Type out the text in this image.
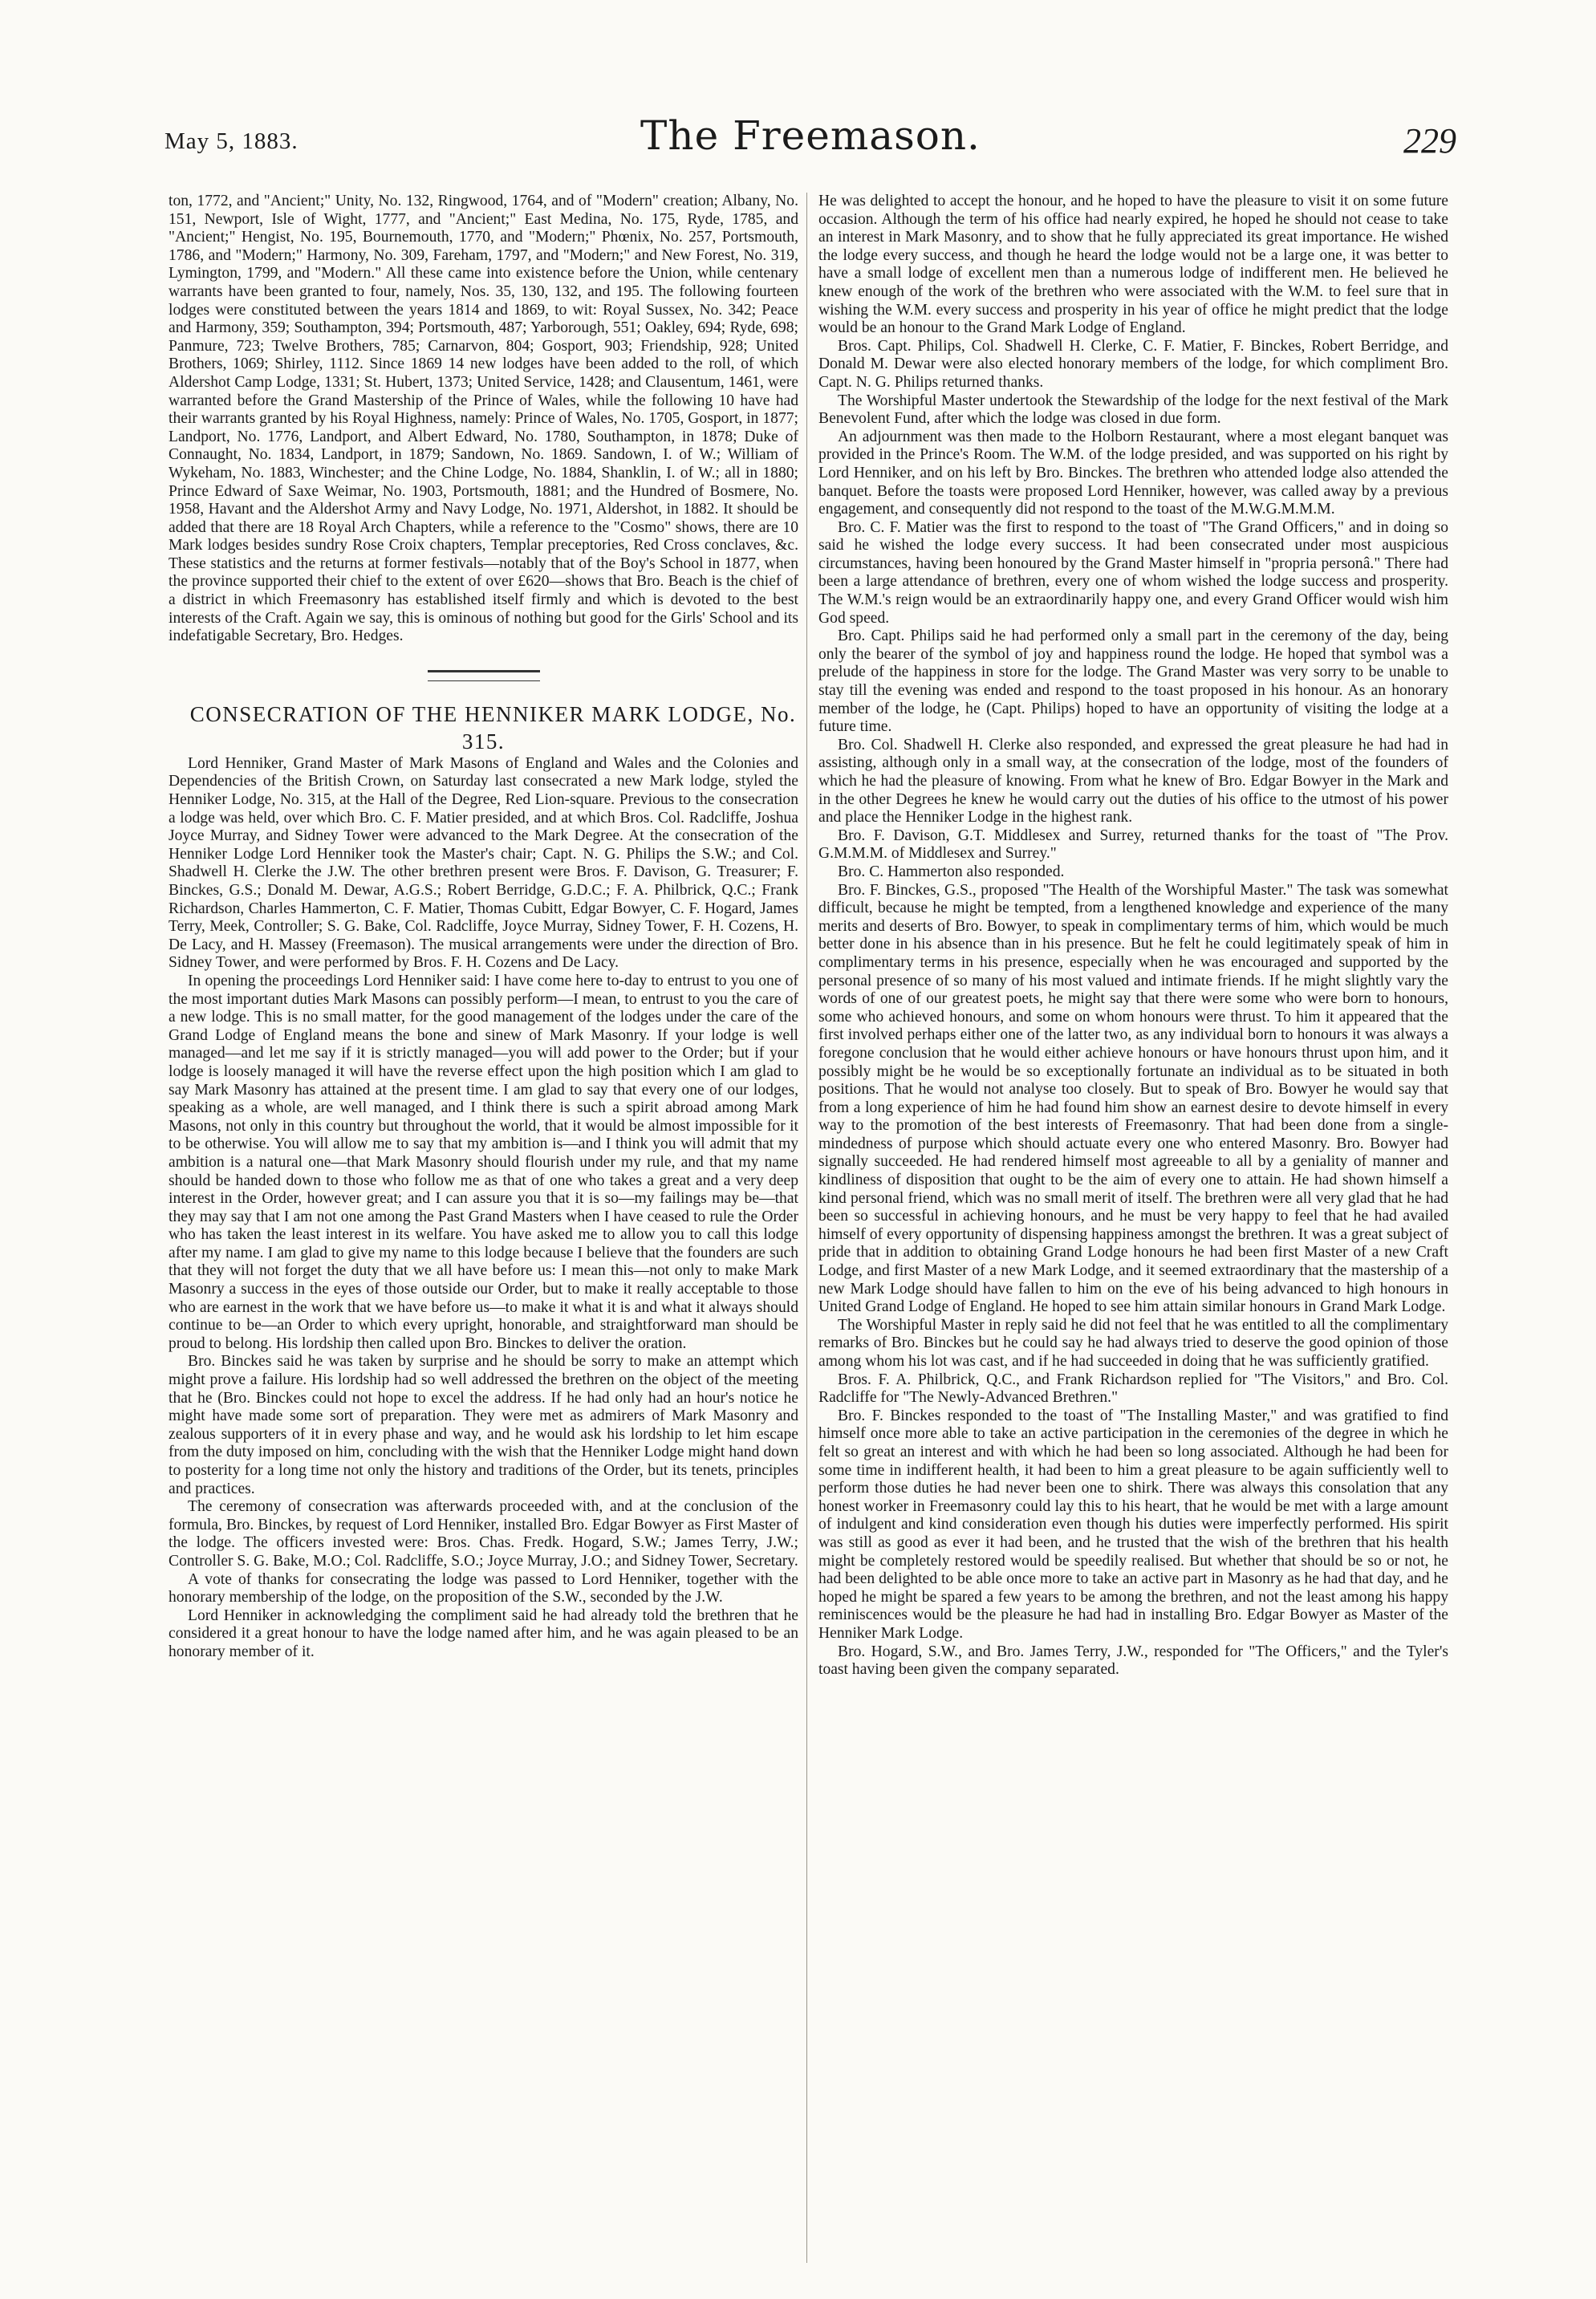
May 5, 1883.	The Freemason.	229

ton, 1772, and "Ancient;" Unity, No. 132, Ringwood, 1764, and of "Modern" creation; Albany, No. 151, Newport, Isle of Wight, 1777, and "Ancient;" East Medina, No. 175, Ryde, 1785, and "Ancient;" Hengist, No. 195, Bournemouth, 1770, and "Modern;" Phœnix, No. 257, Portsmouth, 1786, and "Modern;" Harmony, No. 309, Fareham, 1797, and "Modern;" and New Forest, No. 319, Lymington, 1799, and "Modern." All these came into existence before the Union, while centenary warrants have been granted to four, namely, Nos. 35, 130, 132, and 195. The following fourteen lodges were constituted between the years 1814 and 1869, to wit: Royal Sussex, No. 342; Peace and Harmony, 359; Southampton, 394; Portsmouth, 487; Yarborough, 551; Oakley, 694; Ryde, 698; Panmure, 723; Twelve Brothers, 785; Carnarvon, 804; Gosport, 903; Friendship, 928; United Brothers, 1069; Shirley, 1112. Since 1869 14 new lodges have been added to the roll, of which Aldershot Camp Lodge, 1331; St. Hubert, 1373; United Service, 1428; and Clausentum, 1461, were warranted before the Grand Mastership of the Prince of Wales, while the following 10 have had their warrants granted by his Royal Highness, namely: Prince of Wales, No. 1705, Gosport, in 1877; Landport, No. 1776, Landport, and Albert Edward, No. 1780, Southampton, in 1878; Duke of Connaught, No. 1834, Landport, in 1879; Sandown, No. 1869. Sandown, I. of W.; William of Wykeham, No. 1883, Winchester; and the Chine Lodge, No. 1884, Shanklin, I. of W.; all in 1880; Prince Edward of Saxe Weimar, No. 1903, Portsmouth, 1881; and the Hundred of Bosmere, No. 1958, Havant and the Aldershot Army and Navy Lodge, No. 1971, Aldershot, in 1882. It should be added that there are 18 Royal Arch Chapters, while a reference to the "Cosmo" shows, there are 10 Mark lodges besides sundry Rose Croix chapters, Templar preceptories, Red Cross conclaves, &c. These statistics and the returns at former festivals—notably that of the Boy's School in 1877, when the province supported their chief to the extent of over £620—shows that Bro. Beach is the chief of a district in which Freemasonry has established itself firmly and which is devoted to the best interests of the Craft. Again we say, this is ominous of nothing but good for the Girls' School and its indefatigable Secretary, Bro. Hedges.

CONSECRATION OF THE HENNIKER MARK LODGE, No. 315.

Lord Henniker, Grand Master of Mark Masons of England and Wales and the Colonies and Dependencies of the British Crown, on Saturday last consecrated a new Mark lodge, styled the Henniker Lodge, No. 315, at the Hall of the Degree, Red Lion-square. Previous to the consecration a lodge was held, over which Bro. C. F. Matier presided, and at which Bros. Col. Radcliffe, Joshua Joyce Murray, and Sidney Tower were advanced to the Mark Degree. At the consecration of the Henniker Lodge Lord Henniker took the Master's chair; Capt. N. G. Philips the S.W.; and Col. Shadwell H. Clerke the J.W. The other brethren present were Bros. F. Davison, G. Treasurer; F. Binckes, G.S.; Donald M. Dewar, A.G.S.; Robert Berridge, G.D.C.; F. A. Philbrick, Q.C.; Frank Richardson, Charles Hammerton, C. F. Matier, Thomas Cubitt, Edgar Bowyer, C. F. Hogard, James Terry, Meek, Controller; S. G. Bake, Col. Radcliffe, Joyce Murray, Sidney Tower, F. H. Cozens, H. De Lacy, and H. Massey (Freemason). The musical arrangements were under the direction of Bro. Sidney Tower, and were performed by Bros. F. H. Cozens and De Lacy.

In opening the proceedings Lord Henniker said: I have come here to-day to entrust to you one of the most important duties Mark Masons can possibly perform—I mean, to entrust to you the care of a new lodge. This is no small matter, for the good management of the lodges under the care of the Grand Lodge of England means the bone and sinew of Mark Masonry. If your lodge is well managed—and let me say if it is strictly managed—you will add power to the Order; but if your lodge is loosely managed it will have the reverse effect upon the high position which I am glad to say Mark Masonry has attained at the present time. I am glad to say that every one of our lodges, speaking as a whole, are well managed, and I think there is such a spirit abroad among Mark Masons, not only in this country but throughout the world, that it would be almost impossible for it to be otherwise. You will allow me to say that my ambition is—and I think you will admit that my ambition is a natural one—that Mark Masonry should flourish under my rule, and that my name should be handed down to those who follow me as that of one who takes a great and a very deep interest in the Order, however great; and I can assure you that it is so—my failings may be—that they may say that I am not one among the Past Grand Masters when I have ceased to rule the Order who has taken the least interest in its welfare. You have asked me to allow you to call this lodge after my name. I am glad to give my name to this lodge because I believe that the founders are such that they will not forget the duty that we all have before us: I mean this—not only to make Mark Masonry a success in the eyes of those outside our Order, but to make it really acceptable to those who are earnest in the work that we have before us—to make it what it is and what it always should continue to be—an Order to which every upright, honorable, and straightforward man should be proud to belong. His lordship then called upon Bro. Binckes to deliver the oration.

Bro. Binckes said he was taken by surprise and he should be sorry to make an attempt which might prove a failure. His lordship had so well addressed the brethren on the object of the meeting that he (Bro. Binckes could not hope to excel the address. If he had only had an hour's notice he might have made some sort of preparation. They were met as admirers of Mark Masonry and zealous supporters of it in every phase and way, and he would ask his lordship to let him escape from the duty imposed on him, concluding with the wish that the Henniker Lodge might hand down to posterity for a long time not only the history and traditions of the Order, but its tenets, principles and practices.

The ceremony of consecration was afterwards proceeded with, and at the conclusion of the formula, Bro. Binckes, by request of Lord Henniker, installed Bro. Edgar Bowyer as First Master of the lodge. The officers invested were: Bros. Chas. Fredk. Hogard, S.W.; James Terry, J.W.; Controller S. G. Bake, M.O.; Col. Radcliffe, S.O.; Joyce Murray, J.O.; and Sidney Tower, Secretary.

A vote of thanks for consecrating the lodge was passed to Lord Henniker, together with the honorary membership of the lodge, on the proposition of the S.W., seconded by the J.W.

Lord Henniker in acknowledging the compliment said he had already told the brethren that he considered it a great honour to have the lodge named after him, and he was again pleased to be an honorary member of it.

He was delighted to accept the honour, and he hoped to have the pleasure to visit it on some future occasion. Although the term of his office had nearly expired, he hoped he should not cease to take an interest in Mark Masonry, and to show that he fully appreciated its great importance. He wished the lodge every success, and though he heard the lodge would not be a large one, it was better to have a small lodge of excellent men than a numerous lodge of indifferent men. He believed he knew enough of the work of the brethren who were associated with the W.M. to feel sure that in wishing the W.M. every success and prosperity in his year of office he might predict that the lodge would be an honour to the Grand Mark Lodge of England.

Bros. Capt. Philips, Col. Shadwell H. Clerke, C. F. Matier, F. Binckes, Robert Berridge, and Donald M. Dewar were also elected honorary members of the lodge, for which compliment Bro. Capt. N. G. Philips returned thanks.

The Worshipful Master undertook the Stewardship of the lodge for the next festival of the Mark Benevolent Fund, after which the lodge was closed in due form.

An adjournment was then made to the Holborn Restaurant, where a most elegant banquet was provided in the Prince's Room. The W.M. of the lodge presided, and was supported on his right by Lord Henniker, and on his left by Bro. Binckes. The brethren who attended lodge also attended the banquet. Before the toasts were proposed Lord Henniker, however, was called away by a previous engagement, and consequently did not respond to the toast of the M.W.G.M.M.M.

Bro. C. F. Matier was the first to respond to the toast of "The Grand Officers," and in doing so said he wished the lodge every success. It had been consecrated under most auspicious circumstances, having been honoured by the Grand Master himself in "propria personâ." There had been a large attendance of brethren, every one of whom wished the lodge success and prosperity. The W.M.'s reign would be an extraordinarily happy one, and every Grand Officer would wish him God speed.

Bro. Capt. Philips said he had performed only a small part in the ceremony of the day, being only the bearer of the symbol of joy and happiness round the lodge. He hoped that symbol was a prelude of the happiness in store for the lodge. The Grand Master was very sorry to be unable to stay till the evening was ended and respond to the toast proposed in his honour. As an honorary member of the lodge, he (Capt. Philips) hoped to have an opportunity of visiting the lodge at a future time.

Bro. Col. Shadwell H. Clerke also responded, and expressed the great pleasure he had had in assisting, although only in a small way, at the consecration of the lodge, most of the founders of which he had the pleasure of knowing. From what he knew of Bro. Edgar Bowyer in the Mark and in the other Degrees he knew he would carry out the duties of his office to the utmost of his power and place the Henniker Lodge in the highest rank.

Bro. F. Davison, G.T. Middlesex and Surrey, returned thanks for the toast of "The Prov. G.M.M.M. of Middlesex and Surrey."

Bro. C. Hammerton also responded.

Bro. F. Binckes, G.S., proposed "The Health of the Worshipful Master." The task was somewhat difficult, because he might be tempted, from a lengthened knowledge and experience of the many merits and deserts of Bro. Bowyer, to speak in complimentary terms of him, which would be much better done in his absence than in his presence. But he felt he could legitimately speak of him in complimentary terms in his presence, especially when he was encouraged and supported by the personal presence of so many of his most valued and intimate friends. If he might slightly vary the words of one of our greatest poets, he might say that there were some who were born to honours, some who achieved honours, and some on whom honours were thrust. To him it appeared that the first involved perhaps either one of the latter two, as any individual born to honours it was always a foregone conclusion that he would either achieve honours or have honours thrust upon him, and it possibly might be he would be so exceptionally fortunate an individual as to be situated in both positions. That he would not analyse too closely. But to speak of Bro. Bowyer he would say that from a long experience of him he had found him show an earnest desire to devote himself in every way to the promotion of the best interests of Freemasonry. That had been done from a single-mindedness of purpose which should actuate every one who entered Masonry. Bro. Bowyer had signally succeeded. He had rendered himself most agreeable to all by a geniality of manner and kindliness of disposition that ought to be the aim of every one to attain. He had shown himself a kind personal friend, which was no small merit of itself. The brethren were all very glad that he had been so successful in achieving honours, and he must be very happy to feel that he had availed himself of every opportunity of dispensing happiness amongst the brethren. It was a great subject of pride that in addition to obtaining Grand Lodge honours he had been first Master of a new Craft Lodge, and first Master of a new Mark Lodge, and it seemed extraordinary that the mastership of a new Mark Lodge should have fallen to him on the eve of his being advanced to high honours in United Grand Lodge of England. He hoped to see him attain similar honours in Grand Mark Lodge.

The Worshipful Master in reply said he did not feel that he was entitled to all the complimentary remarks of Bro. Binckes but he could say he had always tried to deserve the good opinion of those among whom his lot was cast, and if he had succeeded in doing that he was sufficiently gratified.

Bros. F. A. Philbrick, Q.C., and Frank Richardson replied for "The Visitors," and Bro. Col. Radcliffe for "The Newly-Advanced Brethren."

Bro. F. Binckes responded to the toast of "The Installing Master," and was gratified to find himself once more able to take an active participation in the ceremonies of the degree in which he felt so great an interest and with which he had been so long associated. Although he had been for some time in indifferent health, it had been to him a great pleasure to be again sufficiently well to perform those duties he had never been one to shirk. There was always this consolation that any honest worker in Freemasonry could lay this to his heart, that he would be met with a large amount of indulgent and kind consideration even though his duties were imperfectly performed. His spirit was still as good as ever it had been, and he trusted that the wish of the brethren that his health might be completely restored would be speedily realised. But whether that should be so or not, he had been delighted to be able once more to take an active part in Masonry as he had that day, and he hoped he might be spared a few years to be among the brethren, and not the least among his happy reminiscences would be the pleasure he had had in installing Bro. Edgar Bowyer as Master of the Henniker Mark Lodge.

Bro. Hogard, S.W., and Bro. James Terry, J.W., responded for "The Officers," and the Tyler's toast having been given the company separated.
